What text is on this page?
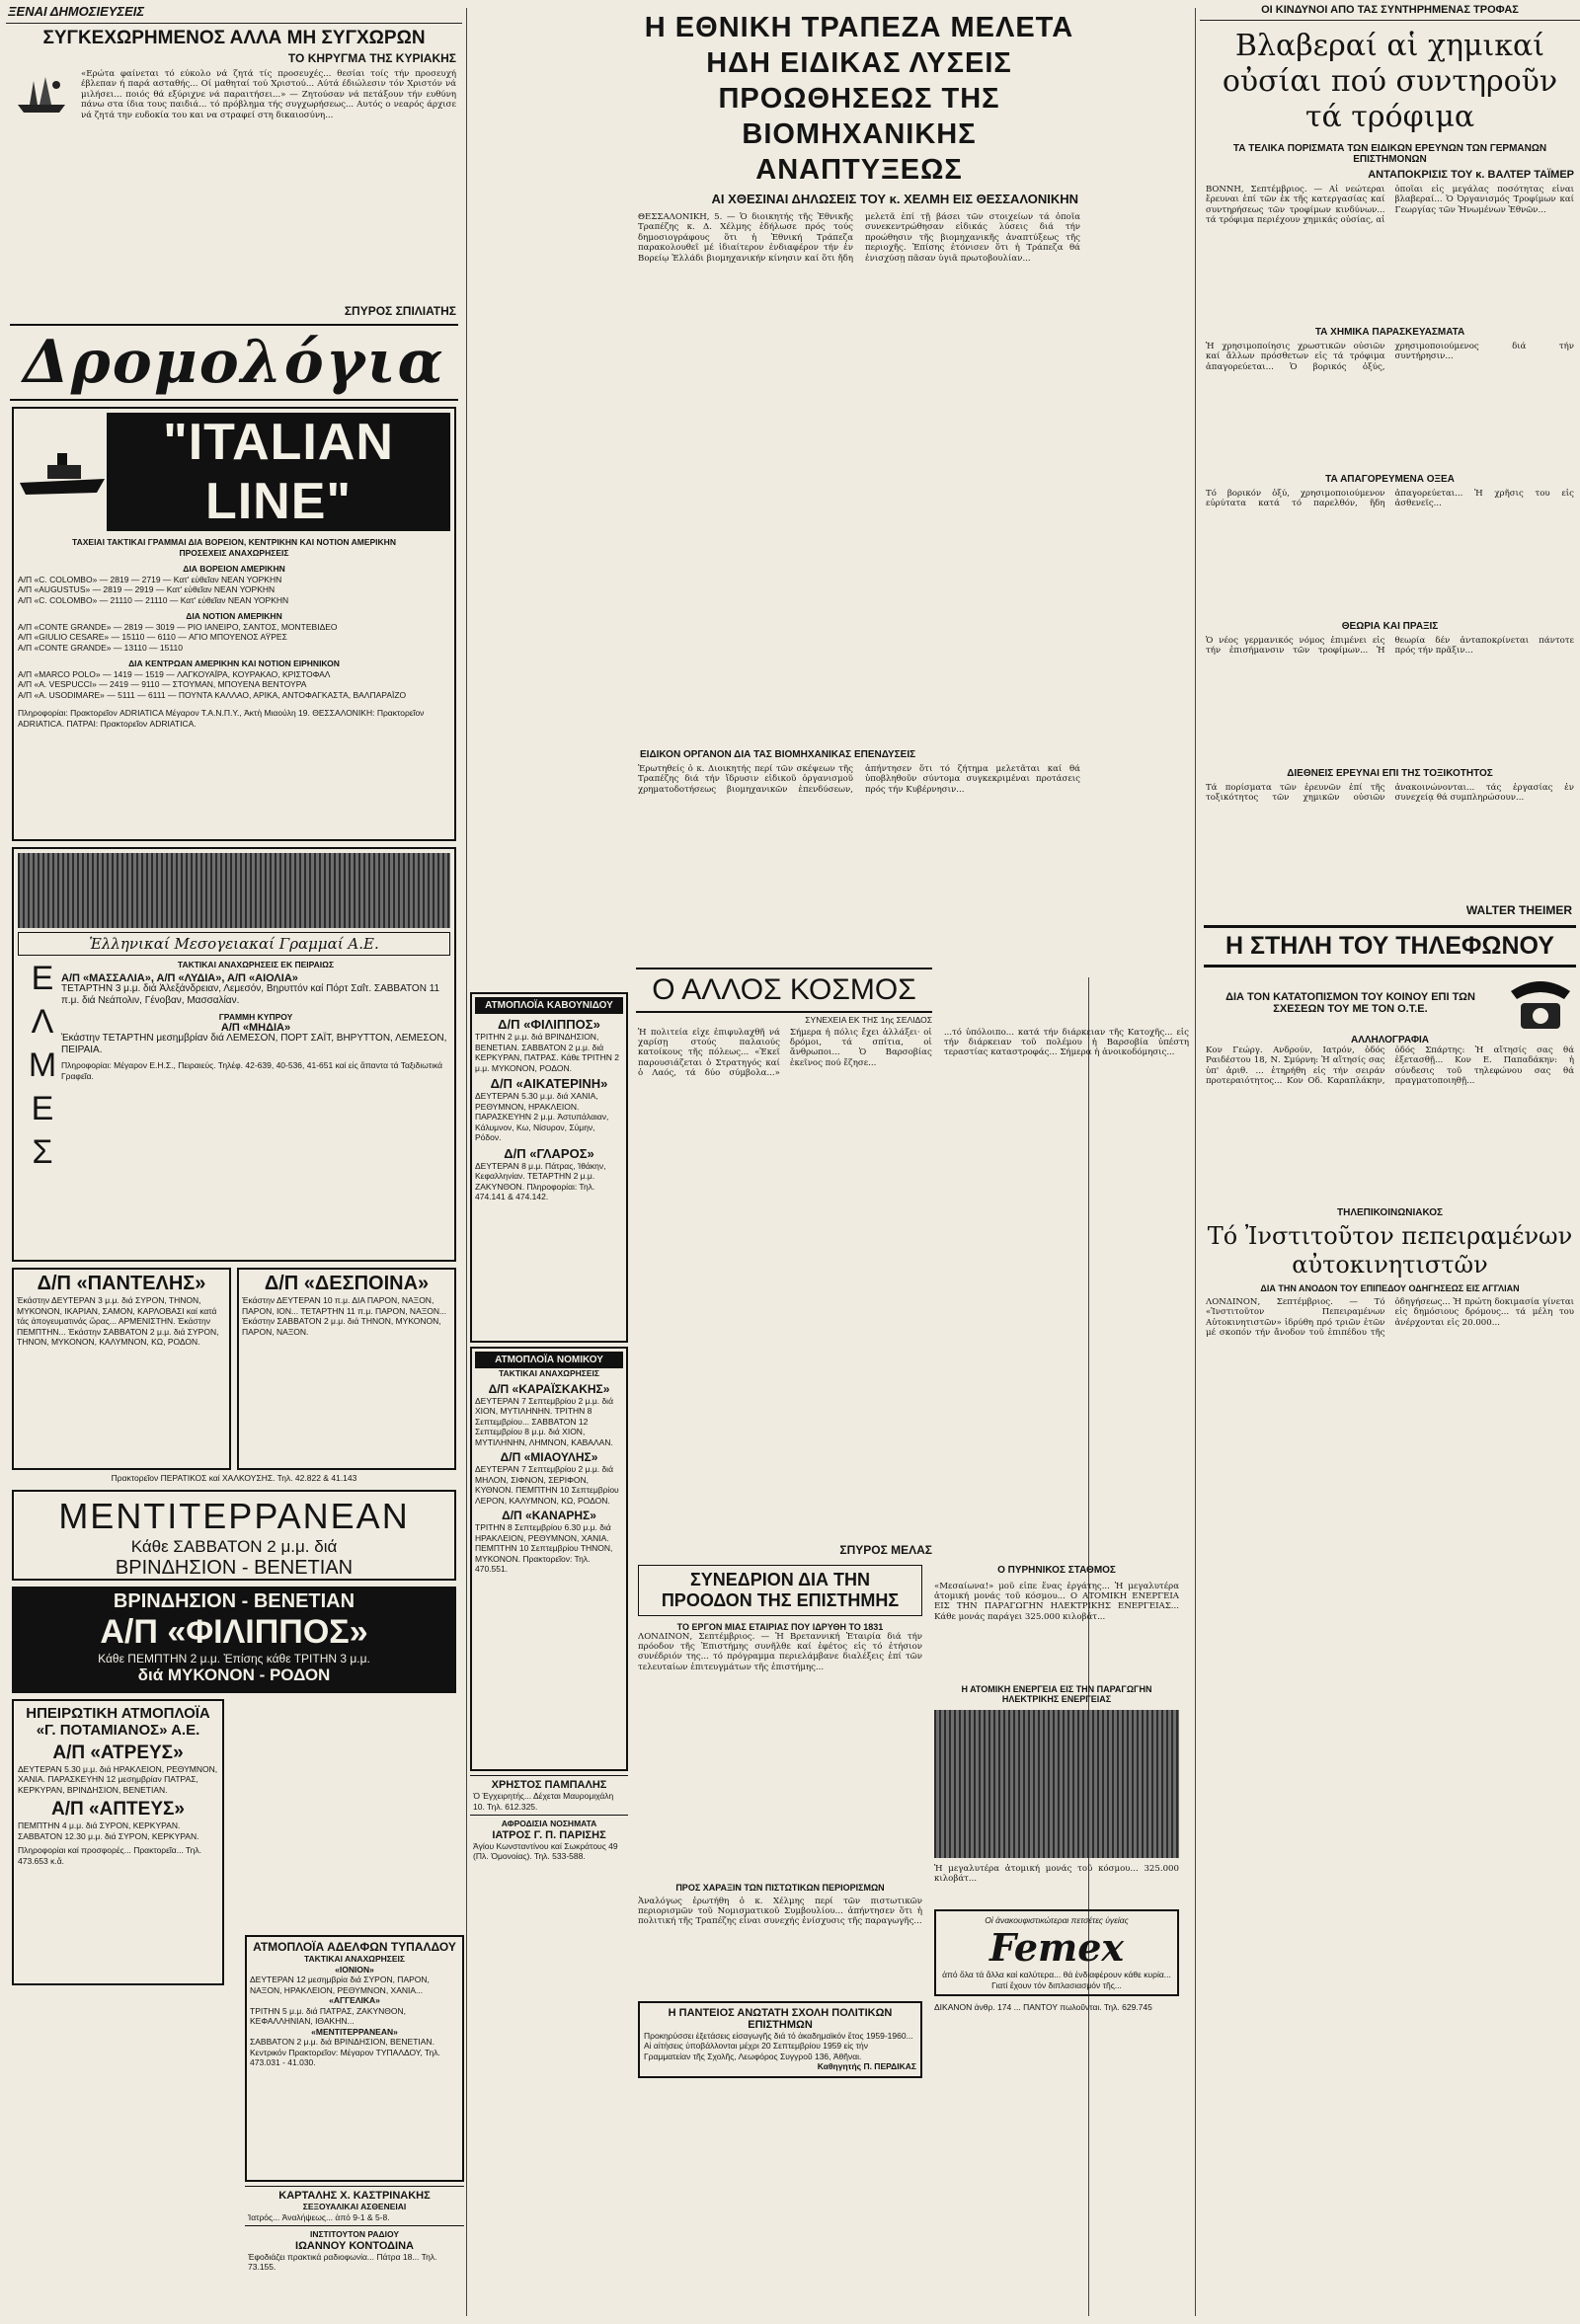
ΞΕΝΑΙ ΔΗΜΟΣΙΕΥΣΕΙΣ
ΣΥΓΚΕΧΩΡΗΜΕΝΟΣ ΑΛΛΑ ΜΗ ΣΥΓΧΩΡΩΝ
ΤΟ ΚΗΡΥΓΜΑ ΤΗΣ ΚΥΡΙΑΚΗΣ

«Ερώτα φαίνεται τό εύκολο νά ζητά τίς προσευχές... θεσίαι τοίς τήν προσευχή έβλεπαν ή παρά ασταθής... Οί μαθηταί τού Χριστού... Αύτά έδιώλεσιν τόν Χριστόν νά μιλήσει... ποιός θά εξύριχνε νά παραιτήσει...» — Ζητούσαν νά πετάξουν τήν ευθύνη πάνω στα ίδια τους παιδιά... τό πρόβλημα τής συγχωρήσεως... Αυτός ο νεαρός άρχισε νά ζητά την ευδοκία του και να στραφεί στη δικαιοσύνη...

ΣΠΥΡΟΣ ΣΠΙΛΙΑΤΗΣ
Δρομολόγια
"ITALIAN LINE"
ΤΑΧΕΙΑΙ ΤΑΚΤΙΚΑΙ ΓΡΑΜΜΑΙ ΔΙΑ ΒΟΡΕΙΟΝ, ΚΕΝΤΡΙΚΗΝ ΚΑΙ ΝΟΤΙΟΝ ΑΜΕΡΙΚΗΝ
ΠΡΟΣΕΧΕΙΣ ΑΝΑΧΩΡΗΣΕΙΣ
ΔΙΑ ΒΟΡΕΙΟΝ ΑΜΕΡΙΚΗΝ
Α/Π «C. COLOMBO» — 2819 — 2719 — Κατ' εὐθεῖαν ΝΕΑΝ ΥΟΡΚΗΝ
Α/Π «AUGUSTUS» — 2819 — 2919 — Κατ' εὐθεῖαν ΝΕΑΝ ΥΟΡΚΗΝ
Α/Π «C. COLOMBO» — 21110 — 21110 — Κατ' εὐθεῖαν ΝΕΑΝ ΥΟΡΚΗΝ
ΔΙΑ ΝΟΤΙΟΝ ΑΜΕΡΙΚΗΝ
Α/Π «CONTE GRANDE» — 2819 — 3019 — ΡΙΟ ΙΑΝΕΙΡΟ, ΣΑΝΤΟΣ, ΜΟΝΤΕΒΙΔΕΟ
Α/Π «GIULIO CESARE» — 15110 — 6110 — ΑΓΙΟ ΜΠΟΥΕΝΟΣ ΑΫΡΕΣ
Α/Π «CONTE GRANDE» — 13110 — 15110
ΔΙΑ ΚΕΝΤΡΩΑΝ ΑΜΕΡΙΚΗΝ ΚΑΙ ΝΟΤΙΟΝ ΕΙΡΗΝΙΚΟΝ
Α/Π «MARCO POLO» — 1419 — 1519 — ΛΑΓΚΟΥΑΪΡΑ, ΚΟΥΡΑΚΑΟ, ΚΡΙΣΤΟΦΑΛ
Α/Π «A. VESPUCCI» — 2419 — 9110 — ΣΤΟΥΜΑΝ, ΜΠΟΥΕΝΑ ΒΕΝΤΟΥΡΑ
Α/Π «A. USODIMARE» — 5111 — 6111 — ΠΟΥΝΤΑ ΚΑΛΛΑΟ, ΑΡΙΚΑ, ΑΝΤΟΦΑΓΚΑΣΤΑ, ΒΑΛΠΑΡΑΪΖΟ
Πληροφορίαι: Πρακτορεῖον ADRIATICA Μέγαρον Τ.Α.Ν.Π.Υ., Ἀκτὴ Μιαούλη 19. ΘΕΣΣΑΛΟΝΙΚΗ: Πρακτορεῖον ADRIATICA. ΠΑΤΡΑΙ: Πρακτορεῖον ADRIATICA.
Ἑλληνικαί Μεσογειακαί Γραμμαί Α.Ε.
ΕΛΜΕΣ	ΤΑΚΤΙΚΑΙ ΑΝΑΧΩΡΗΣΕΙΣ ΕΚ ΠΕΙΡΑΙΩΣ
Α/Π «ΜΑΣΣΑΛΙΑ», Α/Π «ΛΥΔΙΑ», Α/Π «ΑΙΟΛΙΑ»
ΤΕΤΑΡΤΗΝ 3 μ.μ. διά Ἀλεξάνδρειαν, Λεμεσόν, Βηρυττόν καί Πόρτ Σαΐτ. ΣΑΒΒΑΤΟΝ 11 π.μ. διά Νεάπολιν, Γένοβαν, Μασσαλίαν.
ΓΡΑΜΜΗ ΚΥΠΡΟΥ
Α/Π «ΜΗΔΙΑ»
Ἑκάστην ΤΕΤΑΡΤΗΝ μεσημβρίαν διά ΛΕΜΕΣΟΝ, ΠΟΡΤ ΣΑΪΤ, ΒΗΡΥΤΤΟΝ, ΛΕΜΕΣΟΝ, ΠΕΙΡΑΙΑ.
Πληροφορίαι: Μέγαρον Ε.Η.Σ., Πειραιεύς. Τηλέφ. 42-639, 40-536, 41-651 καί εἰς ἅπαντα τά Ταξιδιωτικά Γραφεῖα.
Δ/Π «ΠΑΝΤΕΛΗΣ»
Ἑκάστην ΔΕΥΤΕΡΑΝ 3 μ.μ. διά ΣΥΡΟΝ, ΤΗΝΟΝ, ΜΥΚΟΝΟΝ, ΙΚΑΡΙΑΝ, ΣΑΜΟΝ, ΚΑΡΛΟΒΑΣΙ καί κατά τάς ἀπογευματινάς ὥρας... ΑΡΜΕΝΙΣΤΗΝ. Ἑκάστην ΠΕΜΠΤΗΝ... Ἑκάστην ΣΑΒΒΑΤΟΝ 2 μ.μ. διά ΣΥΡΟΝ, ΤΗΝΟΝ, ΜΥΚΟΝΟΝ, ΚΑΛΥΜΝΟΝ, ΚΩ, ΡΟΔΟΝ.
Δ/Π «ΔΕΣΠΟΙΝΑ»
Ἑκάστην ΔΕΥΤΕΡΑΝ 10 π.μ. ΔΙΑ ΠΑΡΟΝ, ΝΑΞΟΝ, ΠΑΡΟΝ, ΙΟΝ... ΤΕΤΑΡΤΗΝ 11 π.μ. ΠΑΡΟΝ, ΝΑΞΟΝ... Ἑκάστην ΣΑΒΒΑΤΟΝ 2 μ.μ. διά ΤΗΝΟΝ, ΜΥΚΟΝΟΝ, ΠΑΡΟΝ, ΝΑΞΟΝ.
Πρακτορεῖον ΠΕΡΑΤΙΚΟΣ καί ΧΑΛΚΟΥΣΗΣ. Τηλ. 42.822 & 41.143
ΜΕΝΤΙΤΕΡΡΑΝΕΑΝ
Κάθε ΣΑΒΒΑΤΟΝ 2 μ.μ. διά
ΒΡΙΝΔΗΣΙΟΝ - ΒΕΝΕΤΙΑΝ
ΒΡΙΝΔΗΣΙΟΝ - ΒΕΝΕΤΙΑΝ
Α/Π «ΦΙΛΙΠΠΟΣ»
Κάθε ΠΕΜΠΤΗΝ 2 μ.μ. Ἐπίσης κάθε ΤΡΙΤΗΝ 3 μ.μ.
διά ΜΥΚΟΝΟΝ - ΡΟΔΟΝ
ΗΠΕΙΡΩΤΙΚΗ ΑΤΜΟΠΛΟΪΑ «Γ. ΠΟΤΑΜΙΑΝΟΣ» Α.Ε.
Α/Π «ΑΤΡΕΥΣ»
ΔΕΥΤΕΡΑΝ 5.30 μ.μ. διά ΗΡΑΚΛΕΙΟΝ, ΡΕΘΥΜΝΟΝ, ΧΑΝΙΑ. ΠΑΡΑΣΚΕΥΗΝ 12 μεσημβρίαν ΠΑΤΡΑΣ, ΚΕΡΚΥΡΑΝ, ΒΡΙΝΔΗΣΙΟΝ, ΒΕΝΕΤΙΑΝ.
Α/Π «ΑΠΤΕΥΣ»
ΠΕΜΠΤΗΝ 4 μ.μ. διά ΣΥΡΟΝ, ΚΕΡΚΥΡΑΝ. ΣΑΒΒΑΤΟΝ 12.30 μ.μ. διά ΣΥΡΟΝ, ΚΕΡΚΥΡΑΝ.
Πληροφορίαι καί προσφορές... Πρακτορεῖα... Τηλ. 473.653 κ.ἄ.
Η ΕΘΝΙΚΗ ΤΡΑΠΕΖΑ ΜΕΛΕΤΑ ΗΔΗ ΕΙΔΙΚΑΣ ΛΥΣΕΙΣ ΠΡΟΩΘΗΣΕΩΣ ΤΗΣ ΒΙΟΜΗΧΑΝΙΚΗΣ ΑΝΑΠΤΥΞΕΩΣ
ΑΙ ΧΘΕΣΙΝΑΙ ΔΗΛΩΣΕΙΣ ΤΟΥ κ. ΧΕΛΜΗ ΕΙΣ ΘΕΣΣΑΛΟΝΙΚΗΝ

ΘΕΣΣΑΛΟΝΙΚΗ, 5. — Ὁ διοικητής τῆς Ἐθνικῆς Τραπέζης κ. Δ. Χέλμης ἐδήλωσε πρός τούς δημοσιογράφους ὅτι ἡ Ἐθνική Τράπεζα παρακολουθεῖ μέ ἰδιαίτερον ἐνδιαφέρον τήν ἐν Βορείῳ Ἑλλάδι βιομηχανικήν κίνησιν καί ὅτι ἤδη μελετᾶ ἐπί τῇ βάσει τῶν στοιχείων τά ὁποῖα συνεκεντρώθησαν εἰδικάς λύσεις διά τήν προώθησιν τῆς βιομηχανικῆς ἀναπτύξεως τῆς περιοχῆς. Ἐπίσης ἐτόνισεν ὅτι ἡ Τράπεζα θά ἐνισχύσῃ πᾶσαν ὑγιᾶ πρωτοβουλίαν...

ΕΙΔΙΚΟΝ ΟΡΓΑΝΟΝ ΔΙΑ ΤΑΣ ΒΙΟΜΗΧΑΝΙΚΑΣ ΕΠΕΝΔΥΣΕΙΣ

Ἐρωτηθείς ὁ κ. Διοικητής περί τῶν σκέψεων τῆς Τραπέζης διά τήν ἵδρυσιν εἰδικοῦ ὀργανισμοῦ χρηματοδοτήσεως βιομηχανικῶν ἐπενδύσεων, ἀπήντησεν ὅτι τό ζήτημα μελετᾶται καί θά ὑποβληθοῦν σύντομα συγκεκριμέναι προτάσεις πρός τήν Κυβέρνησιν...

ΟΙ ΚΙΝΔΥΝΟΙ ΑΠΟ ΤΑΣ ΣΥΝΤΗΡΗΜΕΝΑΣ ΤΡΟΦΑΣ
Βλαβεραί αἱ χημικαί οὐσίαι πού συντηροῦν τά τρόφιμα
ΤΑ ΤΕΛΙΚΑ ΠΟΡΙΣΜΑΤΑ ΤΩΝ ΕΙΔΙΚΩΝ ΕΡΕΥΝΩΝ ΤΩΝ ΓΕΡΜΑΝΩΝ ΕΠΙΣΤΗΜΟΝΩΝ
ΑΝΤΑΠΟΚΡΙΣΙΣ ΤΟΥ κ. ΒΑΛΤΕΡ ΤΑΪΜΕΡ

ΒΟΝΝΗ, Σεπτέμβριος. — Αἱ νεώτεραι ἔρευναι ἐπί τῶν ἐκ τῆς κατεργασίας καί συντηρήσεως τῶν τροφίμων κινδύνων... τά τρόφιμα περιέχουν χημικάς οὐσίας, αἱ ὁποῖαι εἰς μεγάλας ποσότητας εἶναι βλαβεραί... Ὁ Ὀργανισμός Τροφίμων καί Γεωργίας τῶν Ἡνωμένων Ἐθνῶν...

ΤΑ ΧΗΜΙΚΑ ΠΑΡΑΣΚΕΥΑΣΜΑΤΑ

Ἡ χρησιμοποίησις χρωστικῶν οὐσιῶν καί ἄλλων πρόσθετων εἰς τά τρόφιμα ἀπαγορεύεται... Ὁ βορικός ὀξύς, χρησιμοποιούμενος διά τήν συντήρησιν...

ΤΑ ΑΠΑΓΟΡΕΥΜΕΝΑ ΟΞΕΑ

Τό βορικόν ὀξύ, χρησιμοποιούμενον εὐρύτατα κατά τό παρελθόν, ἤδη ἀπαγορεύεται... Ἡ χρῆσις του εἰς ἀσθενεῖς...

ΘΕΩΡΙΑ ΚΑΙ ΠΡΑΞΙΣ

Ὁ νέος γερμανικός νόμος ἐπιμένει εἰς τήν ἐπισήμανσιν τῶν τροφίμων... Ἡ θεωρία δέν ἀνταποκρίνεται πάντοτε πρός τήν πρᾶξιν...

ΔΙΕΘΝΕΙΣ ΕΡΕΥΝΑΙ ΕΠΙ ΤΗΣ ΤΟΞΙΚΟΤΗΤΟΣ

Τά πορίσματα τῶν ἐρευνῶν ἐπί τῆς τοξικότητος τῶν χημικῶν οὐσιῶν ἀνακοινώνονται... τάς ἐργασίας ἐν συνεχείᾳ θά συμπληρώσουν...

WALTER THEIMER
Η ΣΤΗΛΗ ΤΟΥ ΤΗΛΕΦΩΝΟΥ
ΔΙΑ ΤΟΝ ΚΑΤΑΤΟΠΙΣΜΟΝ ΤΟΥ ΚΟΙΝΟΥ ΕΠΙ ΤΩΝ ΣΧΕΣΕΩΝ ΤΟΥ ΜΕ ΤΟΝ Ο.Τ.Ε.
ΑΛΛΗΛΟΓΡΑΦΙΑ

Κον Γεώργ. Ανδρούν, Ιατρόν, ὁδός Ραιδέστου 18, Ν. Σμύρνη: Ἡ αἴτησίς σας ὑπ' ἀριθ. ... ἐτηρήθη εἰς τήν σειράν προτεραιότητος... Κον Οδ. Καραπλάκην, ὁδός Σπάρτης: Ἡ αἴτησίς σας θά ἐξετασθῇ... Κον Ε. Παπαδάκην: ἡ σύνδεσις τοῦ τηλεφώνου σας θά πραγματοποιηθῇ...

ΤΗΛΕΠΙΚΟΙΝΩΝΙΑΚΟΣ
Τό Ἰνστιτοῦτον πεπειραμένων αὐτοκινητιστῶν
ΔΙΑ ΤΗΝ ΑΝΟΔΟΝ ΤΟΥ ΕΠΙΠΕΔΟΥ ΟΔΗΓΗΣΕΩΣ ΕΙΣ ΑΓΓΛΙΑΝ

ΛΟΝΔΙΝΟΝ, Σεπτέμβριος. — Τό «Ἰνστιτοῦτον Πεπειραμένων Αὐτοκινητιστῶν» ἱδρύθη πρό τριῶν ἐτῶν μέ σκοπόν τήν ἄνοδον τοῦ ἐπιπέδου τῆς ὁδηγήσεως... Ἡ πρώτη δοκιμασία γίνεται εἰς δημόσιους δρόμους... τά μέλη του ἀνέρχονται εἰς 20.000...

Ο ΑΛΛΟΣ ΚΟΣΜΟΣ
ΣΥΝΕΧΕΙΑ ΕΚ ΤΗΣ 1ης ΣΕΛΙΔΟΣ

Ἡ πολιτεία εἶχε ἐπιφυλαχθῆ νά χαρίσῃ στούς παλαιούς κατοίκους τῆς πόλεως... «Ἐκεῖ παρουσιάζεται ὁ Στρατηγός καί ὁ Λαός, τά δύο σύμβολα...» Σήμερα ἡ πόλις ἔχει ἀλλάξει· οἱ δρόμοι, τά σπίτια, οἱ ἄνθρωποι... Ὁ Βαρσοβίας ἐκεῖνος πού ἔζησε...

...τό ὑπόλοιπο... κατά τήν διάρκειαν τῆς Κατοχῆς... εἰς τήν διάρκειαν τοῦ πολέμου ἡ Βαρσοβία ὑπέστη τεραστίας καταστροφάς... Σήμερα ἡ ἀνοικοδόμησις...

ΣΠΥΡΟΣ ΜΕΛΑΣ
ΣΥΝΕΔΡΙΟΝ ΔΙΑ ΤΗΝ ΠΡΟΟΔΟΝ ΤΗΣ ΕΠΙΣΤΗΜΗΣ
ΤΟ ΕΡΓΟΝ ΜΙΑΣ ΕΤΑΙΡΙΑΣ ΠΟΥ ΙΔΡΥΘΗ ΤΟ 1831

ΛΟΝΔΙΝΟΝ, Σεπτέμβριος. — Ἡ Βρεταννική Ἑταιρία διά τήν πρόοδον τῆς Ἐπιστήμης συνῆλθε καί ἐφέτος εἰς τό ἐτήσιον συνέδριόν της... τό πρόγραμμα περιελάμβανε διαλέξεις ἐπί τῶν τελευταίων ἐπιτευγμάτων τῆς ἐπιστήμης...

ΠΡΟΣ ΧΑΡΑΞΙΝ ΤΩΝ ΠΙΣΤΩΤΙΚΩΝ ΠΕΡΙΟΡΙΣΜΩΝ

Ἀναλόγως ἐρωτήθη ὁ κ. Χέλμης περί τῶν πιστωτικῶν περιορισμῶν τοῦ Νομισματικοῦ Συμβουλίου... ἀπήντησεν ὅτι ἡ πολιτική τῆς Τραπέζης εἶναι συνεχής ἐνίσχυσις τῆς παραγωγῆς...

Η ΠΑΝΤΕΙΟΣ ΑΝΩΤΑΤΗ ΣΧΟΛΗ ΠΟΛΙΤΙΚΩΝ ΕΠΙΣΤΗΜΩΝ
Προκηρύσσει ἐξετάσεις εἰσαγωγῆς διά τό ἀκαδημαϊκόν ἔτος 1959-1960... Αἱ αἰτήσεις ὑποβάλλονται μέχρι 20 Σεπτεμβρίου 1959 εἰς τήν Γραμματείαν τῆς Σχολῆς, Λεωφόρος Συγγροῦ 136, Ἀθῆναι.
Καθηγητής Π. ΠΕΡΔΙΚΑΣ
Ο ΠΥΡΗΝΙΚΟΣ ΣΤΑΘΜΟΣ

«Μεσαίωνα!» μοῦ εἶπε ἕνας ἐργάτης... Ἡ μεγαλυτέρα ἀτομική μονάς τοῦ κόσμου... Ο ΑΤΟΜΙΚΗ ΕΝΕΡΓΕΙΑ ΕΙΣ ΤΗΝ ΠΑΡΑΓΩΓΗΝ ΗΛΕΚΤΡΙΚΗΣ ΕΝΕΡΓΕΙΑΣ... Κάθε μονάς παράγει 325.000 κιλοβάτ...

Η ΑΤΟΜΙΚΗ ΕΝΕΡΓΕΙΑ ΕΙΣ ΤΗΝ ΠΑΡΑΓΩΓΗΝ ΗΛΕΚΤΡΙΚΗΣ ΕΝΕΡΓΕΙΑΣ

Ἡ μεγαλυτέρα ἀτομική μονάς τοῦ κόσμου... 325.000 κιλοβάτ...

Οἱ ἀνακουφιστικώτεραι πετσέτες ὑγείας
Femex
ἀπό ὅλα τά ἄλλα καί καλύτερα... θά ἐνδιαφέρουν κάθε κυρία... Γιατί ἔχουν τόν διπλασιασμόν τῆς...
ΔΙΚΑΝΟΝ ἀνθρ. 174 ... ΠΑΝΤΟΥ πωλοῦνται. Τηλ. 629.745
ΑΤΜΟΠΛΟΪΑ ΚΑΒΟΥΝΙΔΟΥ
Δ/Π «ΦΙΛΙΠΠΟΣ»
ΤΡΙΤΗΝ 2 μ.μ. διά ΒΡΙΝΔΗΣΙΟΝ, ΒΕΝΕΤΙΑΝ. ΣΑΒΒΑΤΟΝ 2 μ.μ. διά ΚΕΡΚΥΡΑΝ, ΠΑΤΡΑΣ. Κάθε ΤΡΙΤΗΝ 2 μ.μ. ΜΥΚΟΝΟΝ, ΡΟΔΟΝ.
Δ/Π «ΑΙΚΑΤΕΡΙΝΗ»
ΔΕΥΤΕΡΑΝ 5.30 μ.μ. διά ΧΑΝΙΑ, ΡΕΘΥΜΝΟΝ, ΗΡΑΚΛΕΙΟΝ. ΠΑΡΑΣΚΕΥΗΝ 2 μ.μ. Ἀστυπάλαιαν, Κάλυμνον, Κω, Νίσυρον, Σύμην, Ρόδον.
Δ/Π «ΓΛΑΡΟΣ»
ΔΕΥΤΕΡΑΝ 8 μ.μ. Πάτρας, Ἰθάκην, Κεφαλληνίαν. ΤΕΤΑΡΤΗΝ 2 μ.μ. ΖΑΚΥΝΘΟΝ. Πληροφορίαι: Τηλ. 474.141 & 474.142.
ΑΤΜΟΠΛΟΪΑ ΝΟΜΙΚΟΥ
ΤΑΚΤΙΚΑΙ ΑΝΑΧΩΡΗΣΕΙΣ
Δ/Π «ΚΑΡΑΪΣΚΑΚΗΣ»
ΔΕΥΤΕΡΑΝ 7 Σεπτεμβρίου 2 μ.μ. διά ΧΙΟΝ, ΜΥΤΙΛΗΝΗΝ. ΤΡΙΤΗΝ 8 Σεπτεμβρίου... ΣΑΒΒΑΤΟΝ 12 Σεπτεμβρίου 8 μ.μ. διά ΧΙΟΝ, ΜΥΤΙΛΗΝΗΝ, ΛΗΜΝΟΝ, ΚΑΒΑΛΑΝ.
Δ/Π «ΜΙΑΟΥΛΗΣ»
ΔΕΥΤΕΡΑΝ 7 Σεπτεμβρίου 2 μ.μ. διά ΜΗΛΟΝ, ΣΙΦΝΟΝ, ΣΕΡΙΦΟΝ, ΚΥΘΝΟΝ. ΠΕΜΠΤΗΝ 10 Σεπτεμβρίου ΛΕΡΟΝ, ΚΑΛΥΜΝΟΝ, ΚΩ, ΡΟΔΟΝ.
Δ/Π «ΚΑΝΑΡΗΣ»
ΤΡΙΤΗΝ 8 Σεπτεμβρίου 6.30 μ.μ. διά ΗΡΑΚΛΕΙΟΝ, ΡΕΘΥΜΝΟΝ, ΧΑΝΙΑ. ΠΕΜΠΤΗΝ 10 Σεπτεμβρίου ΤΗΝΟΝ, ΜΥΚΟΝΟΝ. Πρακτορεῖον: Τηλ. 470.551.
ΧΡΗΣΤΟΣ ΠΑΜΠΑΛΗΣ
Ὁ Ἐγχειρητής... Δέχεται Μαυρομιχάλη 10. Τηλ. 612.325.
ΑΦΡΟΔΙΣΙΑ ΝΟΣΗΜΑΤΑ
ΙΑΤΡΟΣ Γ. Π. ΠΑΡΙΣΗΣ
Ἀγίου Κωνσταντίνου καί Σωκράτους 49 (Πλ. Ὁμονοίας). Τηλ. 533-588.
ΑΤΜΟΠΛΟΪΑ ΑΔΕΛΦΩΝ ΤΥΠΑΛΔΟΥ
ΤΑΚΤΙΚΑΙ ΑΝΑΧΩΡΗΣΕΙΣ
«ΙΟΝΙΟΝ»
ΔΕΥΤΕΡΑΝ 12 μεσημβρία διά ΣΥΡΟΝ, ΠΑΡΟΝ, ΝΑΞΟΝ, ΗΡΑΚΛΕΙΟΝ, ΡΕΘΥΜΝΟΝ, ΧΑΝΙΑ...
«ΑΓΓΕΛΙΚΑ»
ΤΡΙΤΗΝ 5 μ.μ. διά ΠΑΤΡΑΣ, ΖΑΚΥΝΘΟΝ, ΚΕΦΑΛΛΗΝΙΑΝ, ΙΘΑΚΗΝ...
«ΜΕΝΤΙΤΕΡΡΑΝΕΑΝ»
ΣΑΒΒΑΤΟΝ 2 μ.μ. διά ΒΡΙΝΔΗΣΙΟΝ, ΒΕΝΕΤΙΑΝ.
Κεντρικόν Πρακτορεῖον: Μέγαρον ΤΥΠΑΛΔΟΥ, Τηλ. 473.031 - 41.030.
ΚΑΡΤΑΛΗΣ Χ. ΚΑΣΤΡΙΝΑΚΗΣ
ΣΕΞΟΥΑΛΙΚΑΙ ΑΣΘΕΝΕΙΑΙ
Ἰατρός... Ἀναλήψεως... ἀπό 9-1 & 5-8.
ΙΝΣΤΙΤΟΥΤΟΝ ΡΑΔΙΟΥ
ΙΩΑΝΝΟΥ ΚΟΝΤΟΔΙΝΑ
Ἐφοδιάζει πρακτικά ραδιοφωνία... Πάτρα 18... Τηλ. 73.155.
